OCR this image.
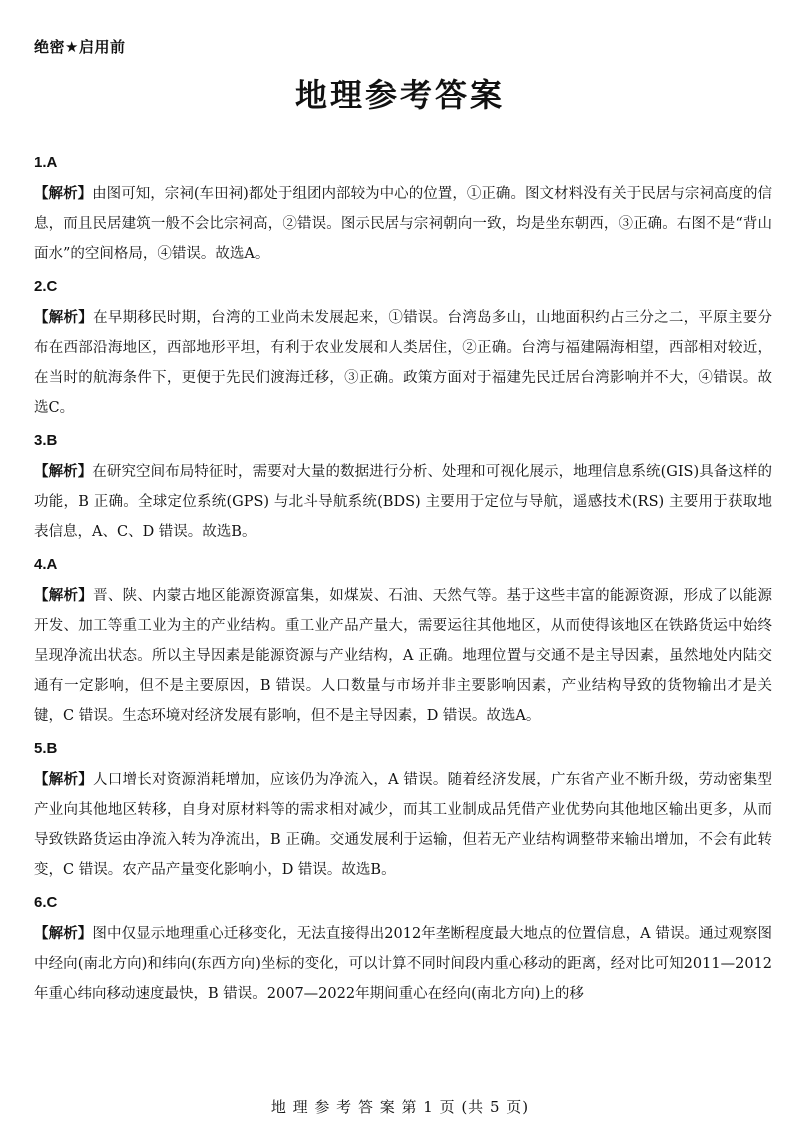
绝密★启用前
地理参考答案
1.A

【解析】由图可知，宗祠(车田祠)都处于组团内部较为中心的位置，①正确。图文材料没有关于民居与宗祠高度的信息，而且民居建筑一般不会比宗祠高，②错误。图示民居与宗祠朝向一致，均是坐东朝西，③正确。右图不是“背山面水”的空间格局，④错误。故选A。

2.C

【解析】在早期移民时期，台湾的工业尚未发展起来，①错误。台湾岛多山，山地面积约占三分之二，平原主要分布在西部沿海地区，西部地形平坦，有利于农业发展和人类居住，②正确。台湾与福建隔海相望，西部相对较近，在当时的航海条件下，更便于先民们渡海迁移，③正确。政策方面对于福建先民迁居台湾影响并不大，④错误。故选C。

3.B

【解析】在研究空间布局特征时，需要对大量的数据进行分析、处理和可视化展示，地理信息系统(GIS)具备这样的功能，B 正确。全球定位系统(GPS) 与北斗导航系统(BDS) 主要用于定位与导航，遥感技术(RS) 主要用于获取地表信息，A、C、D 错误。故选B。

4.A

【解析】晋、陕、内蒙古地区能源资源富集，如煤炭、石油、天然气等。基于这些丰富的能源资源，形成了以能源开发、加工等重工业为主的产业结构。重工业产品产量大，需要运往其他地区，从而使得该地区在铁路货运中始终呈现净流出状态。所以主导因素是能源资源与产业结构，A 正确。地理位置与交通不是主导因素，虽然地处内陆交通有一定影响，但不是主要原因，B 错误。人口数量与市场并非主要影响因素，产业结构导致的货物输出才是关键，C 错误。生态环境对经济发展有影响，但不是主导因素，D 错误。故选A。

5.B

【解析】人口增长对资源消耗增加，应该仍为净流入，A 错误。随着经济发展，广东省产业不断升级，劳动密集型产业向其他地区转移，自身对原材料等的需求相对减少，而其工业制成品凭借产业优势向其他地区输出更多，从而导致铁路货运由净流入转为净流出，B 正确。交通发展利于运输，但若无产业结构调整带来输出增加，不会有此转变，C 错误。农产品产量变化影响小，D 错误。故选B。

6.C

【解析】图中仅显示地理重心迁移变化，无法直接得出2012年垄断程度最大地点的位置信息，A 错误。通过观察图中经向(南北方向)和纬向(东西方向)坐标的变化，可以计算不同时间段内重心移动的距离，经对比可知2011—2012年重心纬向移动速度最快，B 错误。2007—2022年期间重心在经向(南北方向)上的移

地 理 参 考 答 案 第 1 页 (共 5 页)
